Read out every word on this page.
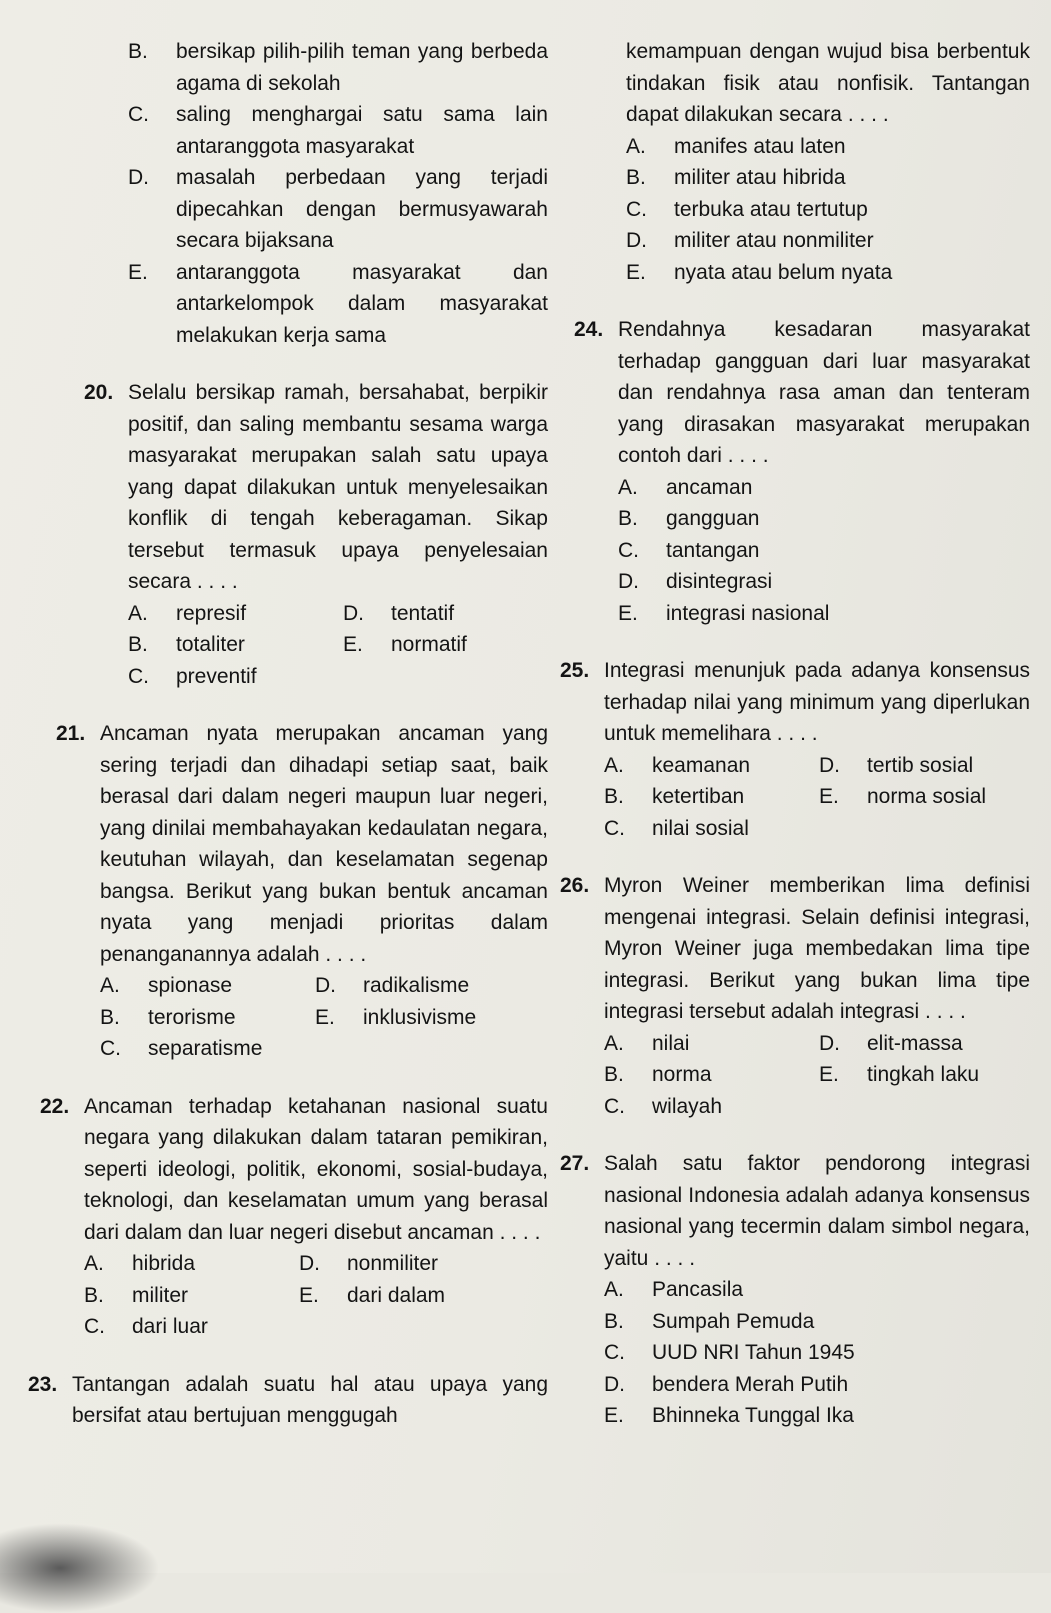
B.	bersikap pilih-pilih teman yang berbeda agama di sekolah
C.	saling menghargai satu sama lain antaranggota masyarakat
D.	masalah perbedaan yang terjadi dipecahkan dengan bermusyawarah secara bijaksana
E.	antaranggota masyarakat dan antarkelompok dalam masyarakat melakukan kerja sama
20. Selalu bersikap ramah, bersahabat, berpikir positif, dan saling membantu sesama warga masyarakat merupakan salah satu upaya yang dapat dilakukan untuk menyelesaikan konflik di tengah keberagaman. Sikap tersebut termasuk upaya penyelesaian secara . . . .
A.	represif	D.	tentatif
B.	totaliter	E.	normatif
C.	preventif
21. Ancaman nyata merupakan ancaman yang sering terjadi dan dihadapi setiap saat, baik berasal dari dalam negeri maupun luar negeri, yang dinilai membahayakan kedaulatan negara, keutuhan wilayah, dan keselamatan segenap bangsa. Berikut yang bukan bentuk ancaman nyata yang menjadi prioritas dalam penanganannya adalah . . . .
A.	spionase	D.	radikalisme
B.	terorisme	E.	inklusivisme
C.	separatisme
22. Ancaman terhadap ketahanan nasional suatu negara yang dilakukan dalam tataran pemikiran, seperti ideologi, politik, ekonomi, sosial-budaya, teknologi, dan keselamatan umum yang berasal dari dalam dan luar negeri disebut ancaman . . . .
A.	hibrida	D.	nonmiliter
B.	militer	E.	dari dalam
C.	dari luar
23. Tantangan adalah suatu hal atau upaya yang bersifat atau bertujuan menggugah
kemampuan dengan wujud bisa berbentuk tindakan fisik atau nonfisik. Tantangan dapat dilakukan secara . . . .
A.	manifes atau laten
B.	militer atau hibrida
C.	terbuka atau tertutup
D.	militer atau nonmiliter
E.	nyata atau belum nyata
24. Rendahnya kesadaran masyarakat terhadap gangguan dari luar masyarakat dan rendahnya rasa aman dan tenteram yang dirasakan masyarakat merupakan contoh dari . . . .
A.	ancaman
B.	gangguan
C.	tantangan
D.	disintegrasi
E.	integrasi nasional
25. Integrasi menunjuk pada adanya konsensus terhadap nilai yang minimum yang diperlukan untuk memelihara . . . .
A.	keamanan	D.	tertib sosial
B.	ketertiban	E.	norma sosial
C.	nilai sosial
26. Myron Weiner memberikan lima definisi mengenai integrasi. Selain definisi integrasi, Myron Weiner juga membedakan lima tipe integrasi. Berikut yang bukan lima tipe integrasi tersebut adalah integrasi . . . .
A.	nilai	D.	elit-massa
B.	norma	E.	tingkah laku
C.	wilayah
27. Salah satu faktor pendorong integrasi nasional Indonesia adalah adanya konsensus nasional yang tecermin dalam simbol negara, yaitu . . . .
A.	Pancasila
B.	Sumpah Pemuda
C.	UUD NRI Tahun 1945
D.	bendera Merah Putih
E.	Bhinneka Tunggal Ika
